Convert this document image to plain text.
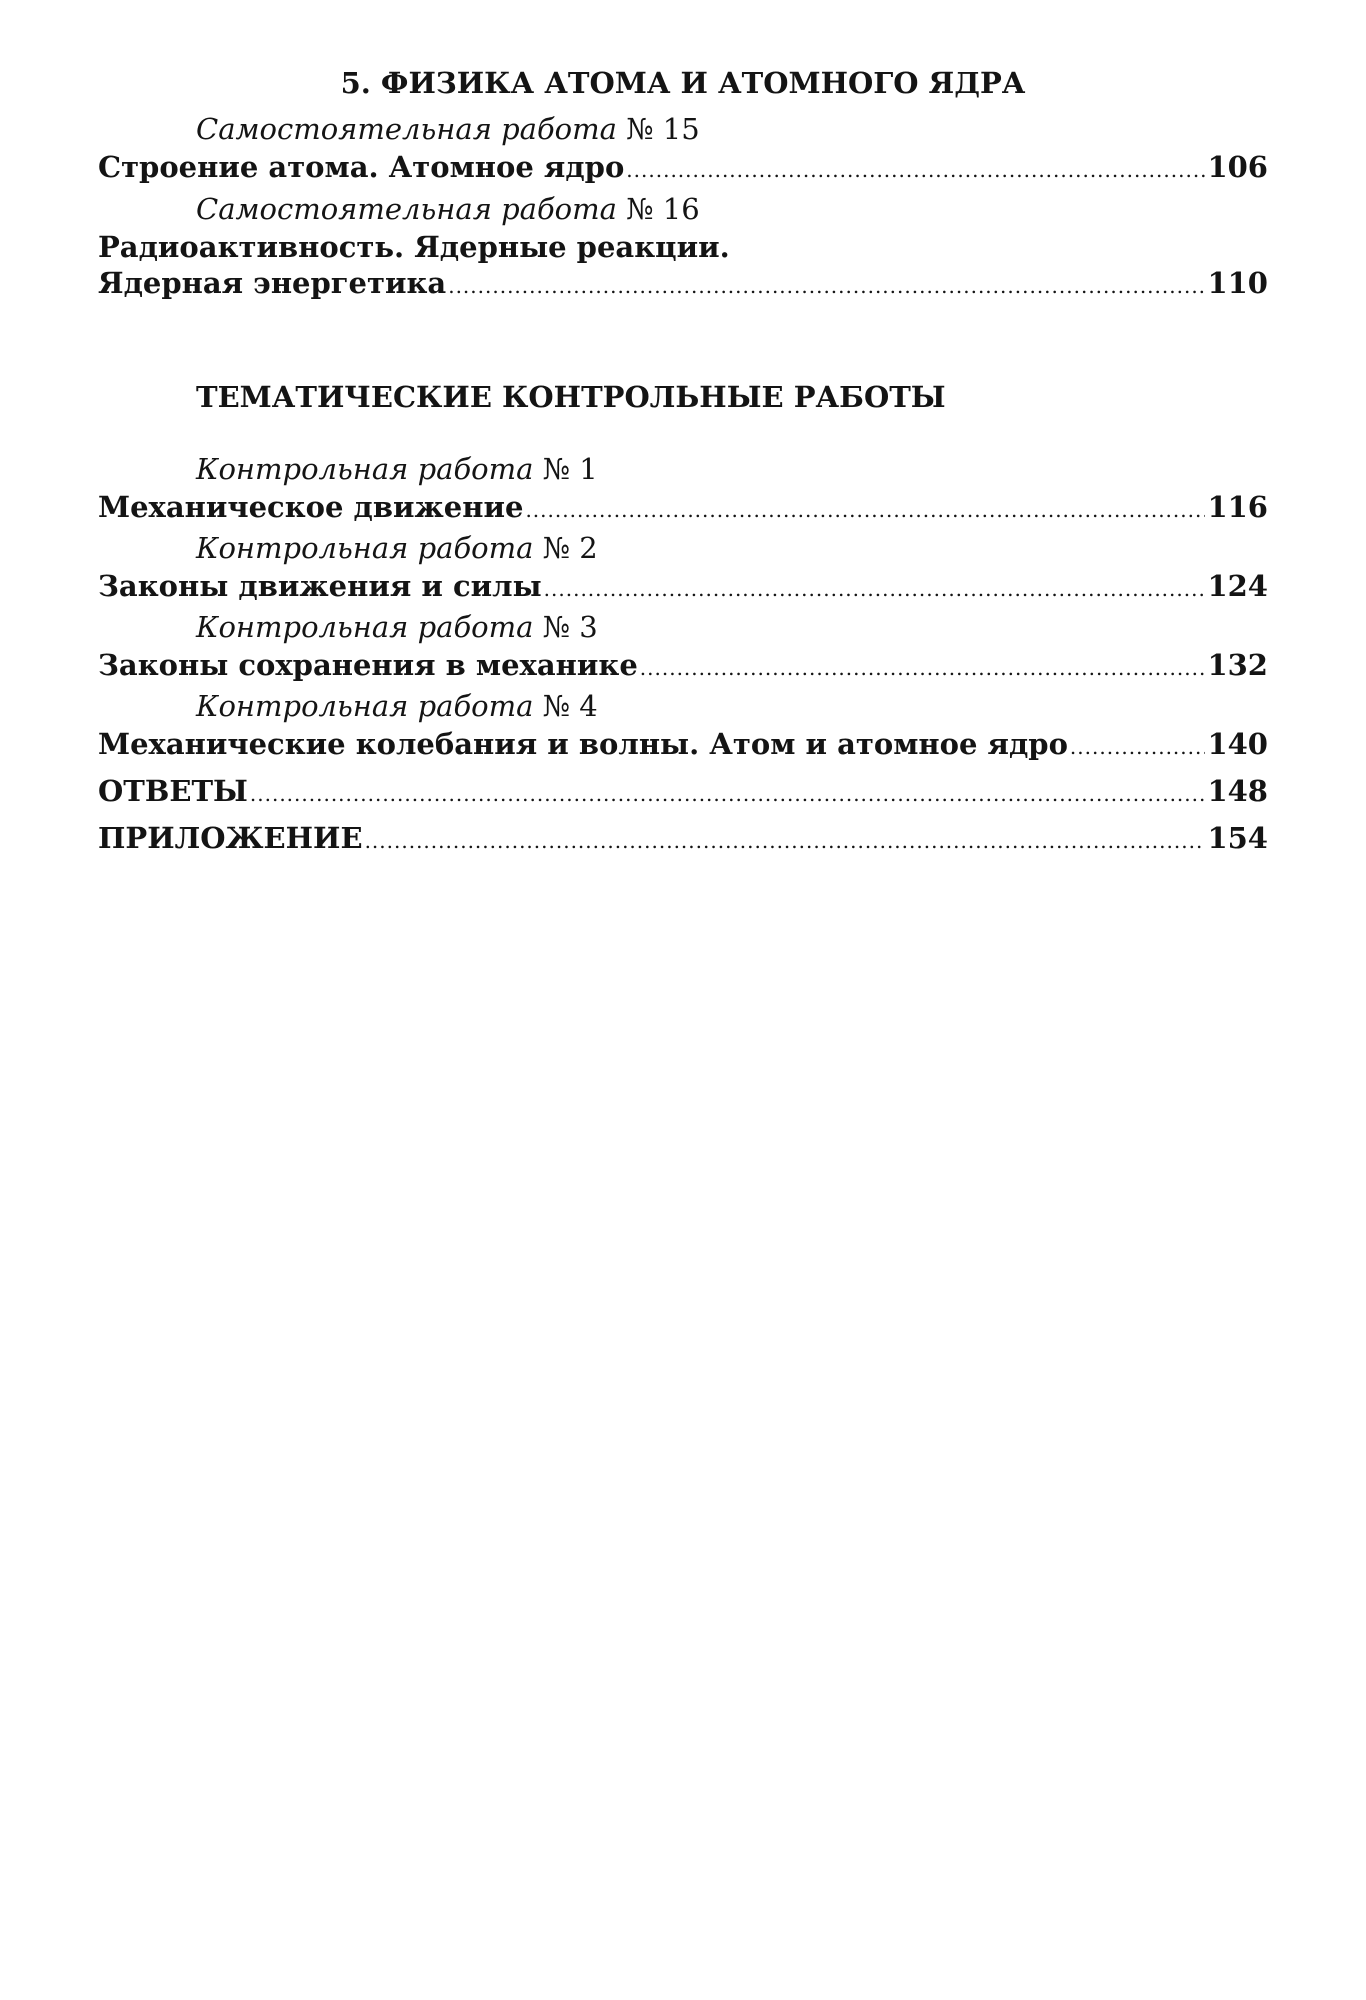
5. ФИЗИКА АТОМА И АТОМНОГО ЯДРА
Самостоятельная работа № 15
Строение атома. Атомное ядро .....	106
Самостоятельная работа № 16
Радиоактивность. Ядерные реакции.
Ядерная энергетика .....	110
ТЕМАТИЧЕСКИЕ КОНТРОЛЬНЫЕ РАБОТЫ
Контрольная работа № 1
Механическое движение .....	116
Контрольная работа № 2
Законы движения и силы .....	124
Контрольная работа № 3
Законы сохранения в механике .....	132
Контрольная работа № 4
Механические колебания и волны. Атом и атомное ядро .....	140
ОТВЕТЫ .....	148
ПРИЛОЖЕНИЕ .....	154
